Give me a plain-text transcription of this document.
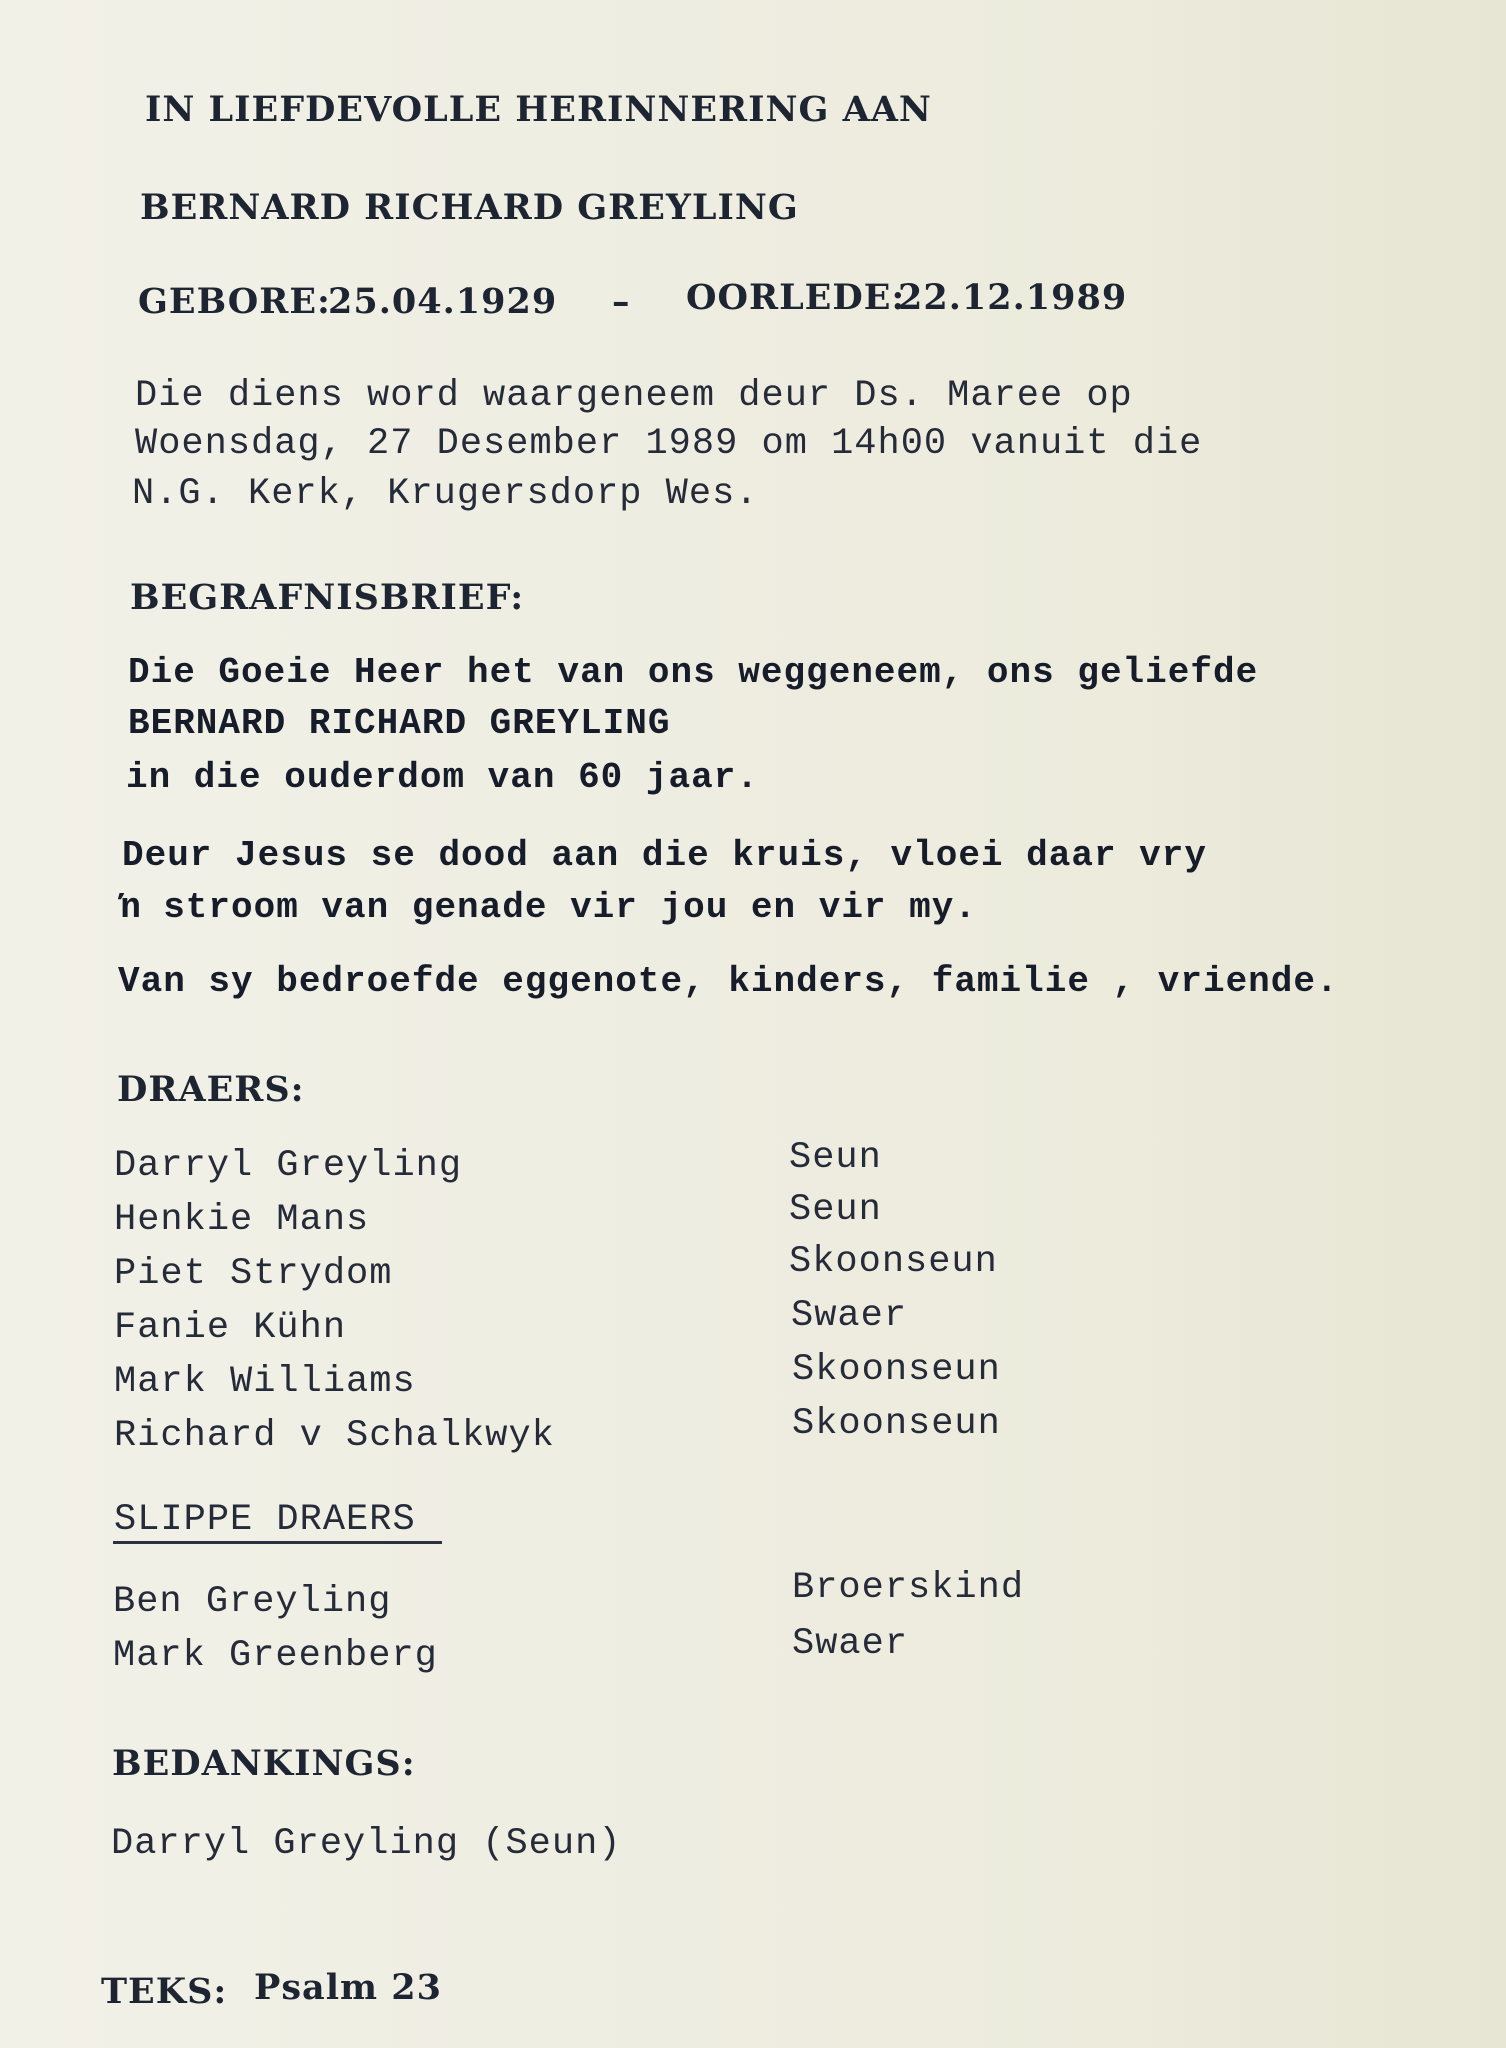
IN LIEFDEVOLLE HERINNERING AAN
BERNARD RICHARD GREYLING
GEBORE:
25.04.1929 – OORLEDE:
22.12.1989
Die diens word waargeneem deur Ds. Maree op
Woensdag, 27 Desember 1989 om 14h00 vanuit die
N.G. Kerk, Krugersdorp Wes.
BEGRAFNISBRIEF:
Die Goeie Heer het van ons weggeneem, ons geliefde
BERNARD RICHARD GREYLING
in die ouderdom van 60 jaar.
Deur Jesus se dood aan die kruis, vloei daar vry
ŉ stroom van genade vir jou en vir my.
Van sy bedroefde eggenote, kinders, familie , vriende.
DRAERS:
Darryl Greyling	Seun
Henkie Mans	Seun
Piet Strydom	Skoonseun
Fanie Kühn	Swaer
Mark Williams	Skoonseun
Richard v Schalkwyk	Skoonseun
SLIPPE DRAERS
Ben Greyling	Broerskind
Mark Greenberg	Swaer
BEDANKINGS:
Darryl Greyling (Seun)
TEKS: Psalm 23
